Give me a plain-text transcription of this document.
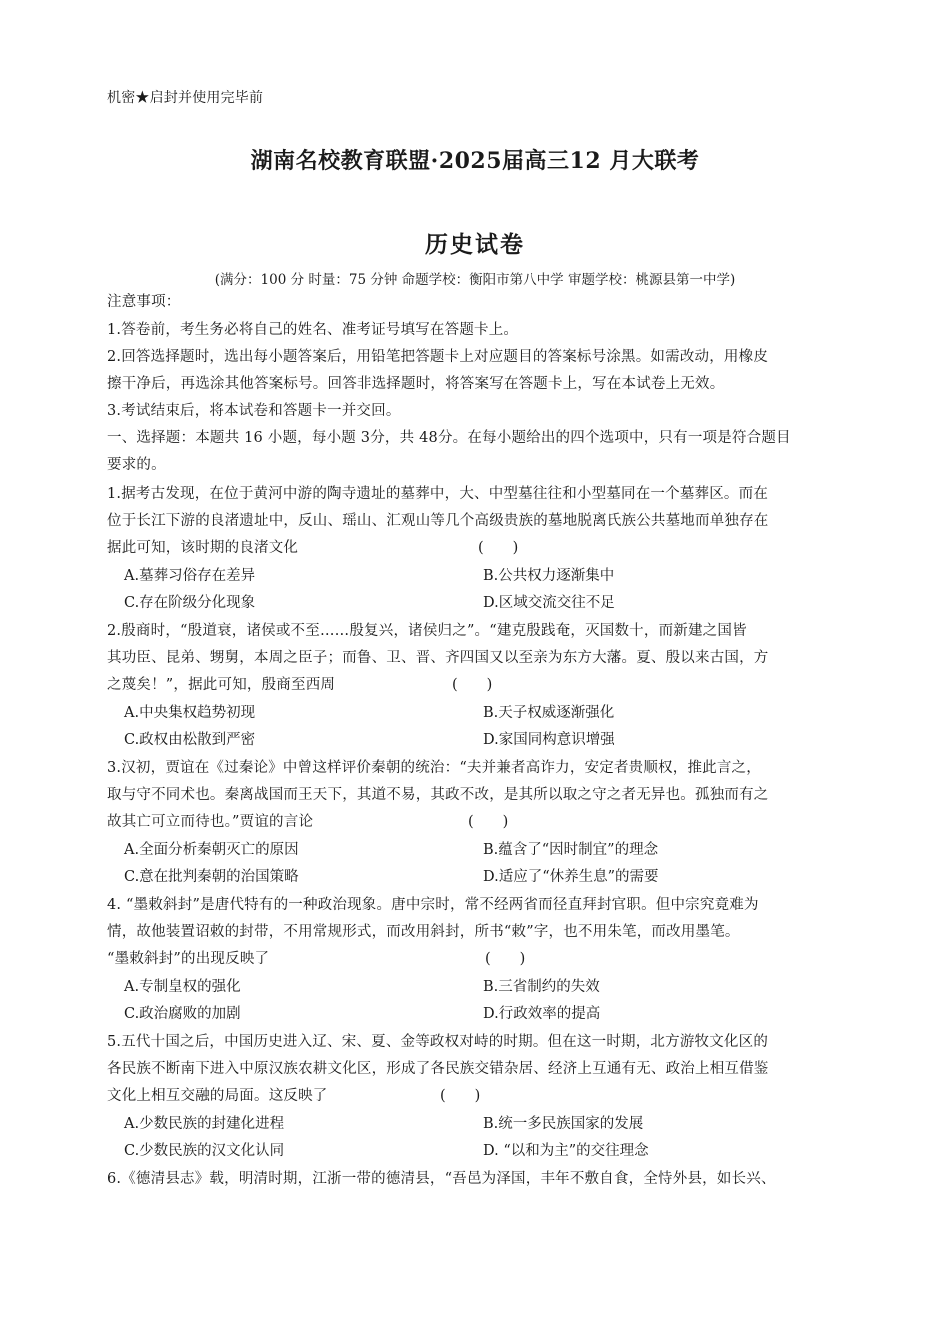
机密★启封并使用完毕前
湖南名校教育联盟·2025届高三12 月大联考
历史试卷
(满分：100 分 时量：75 分钟 命题学校：衡阳市第八中学 审题学校：桃源县第一中学)
注意事项：
1.答卷前，考生务必将自己的姓名、准考证号填写在答题卡上。
2.回答选择题时，选出每小题答案后，用铅笔把答题卡上对应题目的答案标号涂黑。如需改动，用橡皮
擦干净后，再选涂其他答案标号。回答非选择题时，将答案写在答题卡上，写在本试卷上无效。
3.考试结束后，将本试卷和答题卡一并交回。
一、选择题：本题共 16 小题，每小题 3分，共 48分。在每小题给出的四个选项中，只有一项是符合题目
要求的。
1.据考古发现，在位于黄河中游的陶寺遗址的墓葬中，大、中型墓往往和小型墓同在一个墓葬区。而在
位于长江下游的良渚遗址中，反山、瑶山、汇观山等几个高级贵族的墓地脱离氏族公共墓地而单独存在
据此可知，该时期的良渚文化	(　　)
A.墓葬习俗存在差异	B.公共权力逐渐集中
C.存在阶级分化现象	D.区域交流交往不足
2.殷商时，“殷道衰，诸侯或不至……殷复兴，诸侯归之”。“建克殷践奄，灭国数十，而新建之国皆
其功臣、昆弟、甥舅，本周之臣子；而鲁、卫、晋、齐四国又以至亲为东方大藩。夏、殷以来古国，方
之蔑矣！”，据此可知，殷商至西周	(　　)
A.中央集权趋势初现	B.天子权威逐渐强化
C.政权由松散到严密	D.家国同构意识增强
3.汉初，贾谊在《过秦论》中曾这样评价秦朝的统治：“夫并兼者高诈力，安定者贵顺权，推此言之，
取与守不同术也。秦离战国而王天下，其道不易，其政不改，是其所以取之守之者无异也。孤独而有之
故其亡可立而待也。”贾谊的言论	(　　)
A.全面分析秦朝灭亡的原因	B.蕴含了“因时制宜”的理念
C.意在批判秦朝的治国策略	D.适应了“休养生息”的需要
4. “墨敕斜封”是唐代特有的一种政治现象。唐中宗时，常不经两省而径直拜封官职。但中宗究竟难为
情，故他装置诏敕的封带，不用常规形式，而改用斜封，所书“敕”字，也不用朱笔，而改用墨笔。
“墨敕斜封”的出现反映了	(　　)
A.专制皇权的强化	B.三省制约的失效
C.政治腐败的加剧	D.行政效率的提高
5.五代十国之后，中国历史进入辽、宋、夏、金等政权对峙的时期。但在这一时期，北方游牧文化区的
各民族不断南下进入中原汉族农耕文化区，形成了各民族交错杂居、经济上互通有无、政治上相互借鉴
文化上相互交融的局面。这反映了	(　　)
A.少数民族的封建化进程	B.统一多民族国家的发展
C.少数民族的汉文化认同	D. “以和为主”的交往理念
6.《德清县志》载，明清时期，江浙一带的德清县，“吾邑为泽国，丰年不敷自食，全恃外县，如长兴、
